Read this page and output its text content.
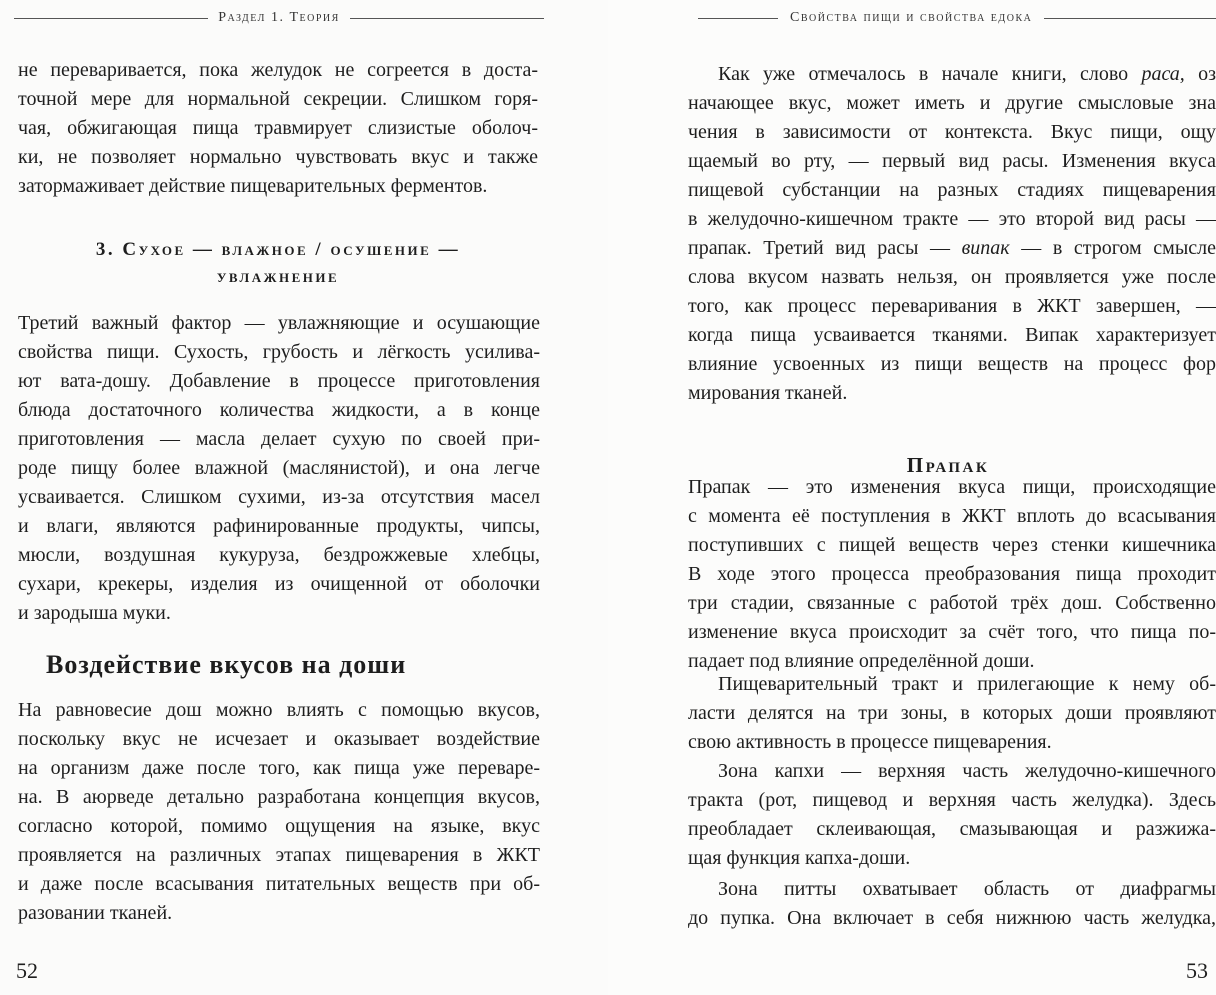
Раздел 1. Теория
не переваривается, пока желудок не согреется в доста-
точной мере для нормальной секреции. Слишком горя-
чая, обжигающая пища травмирует слизистые оболоч-
ки, не позволяет нормально чувствовать вкус и также
затормаживает действие пищеварительных ферментов.
3. Сухое — влажное / осушение —
увлажнение
Третий важный фактор — увлажняющие и осушающие
свойства пищи. Сухость, грубость и лёгкость усилива-
ют вата-дошу. Добавление в процессе приготовления
блюда достаточного количества жидкости, а в конце
приготовления — масла делает сухую по своей при-
роде пищу более влажной (маслянистой), и она легче
усваивается. Слишком сухими, из-за отсутствия масел
и влаги, являются рафинированные продукты, чипсы,
мюсли, воздушная кукуруза, бездрожжевые хлебцы,
сухари, крекеры, изделия из очищенной от оболочки
и зародыша муки.
Воздействие вкусов на доши
На равновесие дош можно влиять с помощью вкусов,
поскольку вкус не исчезает и оказывает воздействие
на организм даже после того, как пища уже переваре-
на. В аюрведе детально разработана концепция вкусов,
согласно которой, помимо ощущения на языке, вкус
проявляется на различных этапах пищеварения в ЖКТ
и даже после всасывания питательных веществ при об-
разовании тканей.
52
Свойства пищи и свойства едока
Как уже отмечалось в начале книги, слово раса, оз
начающее вкус, может иметь и другие смысловые зна
чения в зависимости от контекста. Вкус пищи, ощу
щаемый во рту, — первый вид расы. Изменения вкуса
пищевой субстанции на разных стадиях пищеварения
в желудочно-кишечном тракте — это второй вид расы —
прапак. Третий вид расы — випак — в строгом смысле
слова вкусом назвать нельзя, он проявляется уже после
того, как процесс переваривания в ЖКТ завершен, —
когда пища усваивается тканями. Випак характеризует
влияние усвоенных из пищи веществ на процесс фор
мирования тканей.
Прапак
Прапак — это изменения вкуса пищи, происходящие
с момента её поступления в ЖКТ вплоть до всасывания
поступивших с пищей веществ через стенки кишечника
В ходе этого процесса преобразования пища проходит
три стадии, связанные с работой трёх дош. Собственно
изменение вкуса происходит за счёт того, что пища по-
падает под влияние определённой доши.
Пищеварительный тракт и прилегающие к нему об-
ласти делятся на три зоны, в которых доши проявляют
свою активность в процессе пищеварения.
Зона капхи — верхняя часть желудочно-кишечного
тракта (рот, пищевод и верхняя часть желудка). Здесь
преобладает склеивающая, смазывающая и разжижа-
щая функция капха-доши.
Зона питты охватывает область от диафрагмы
до пупка. Она включает в себя нижнюю часть желудка,
53
